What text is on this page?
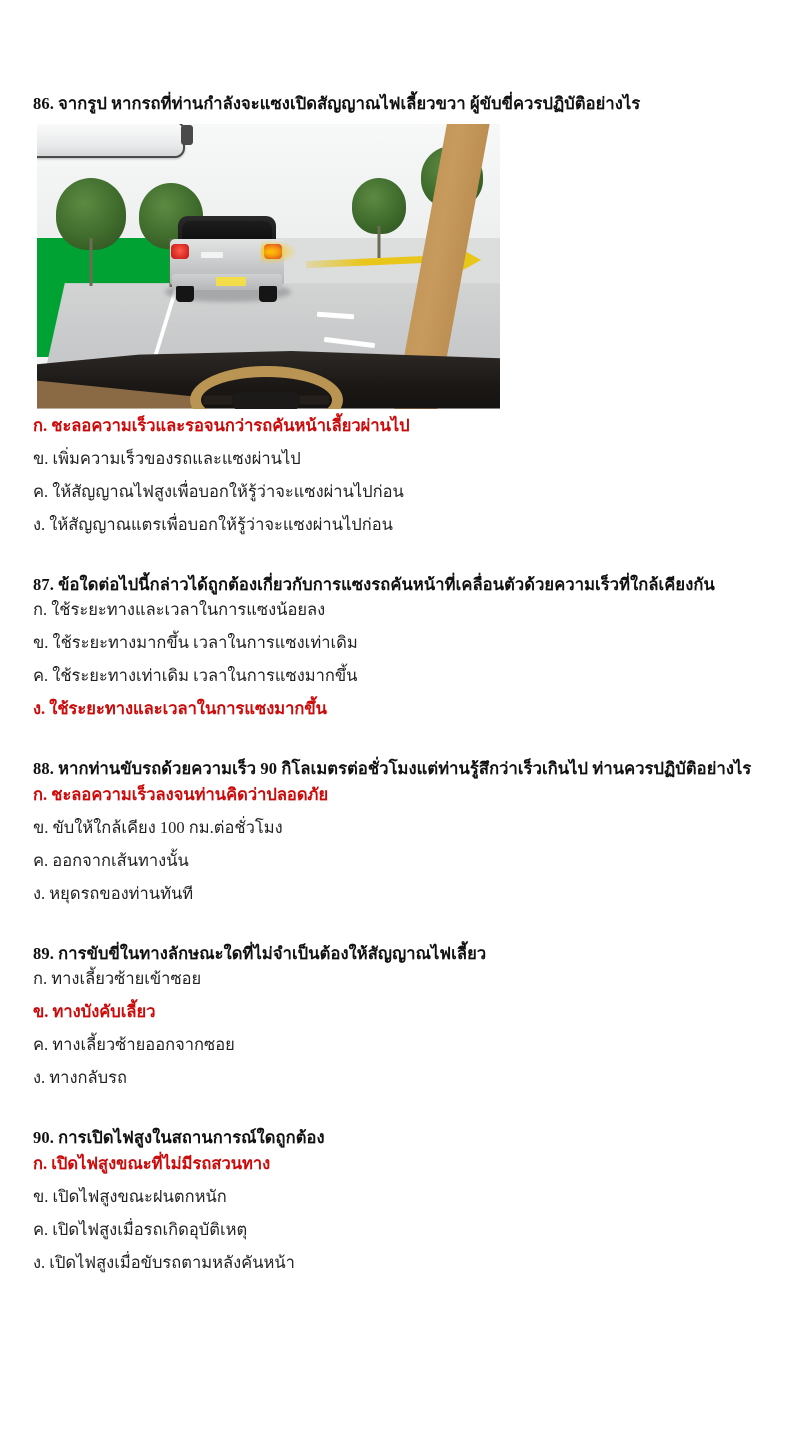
86. จากรูป หากรถที่ท่านกำลังจะแซงเปิดสัญญาณไฟเลี้ยวขวา ผู้ขับขี่ควรปฏิบัติอย่างไร
ก. ชะลอความเร็วและรอจนกว่ารถคันหน้าเลี้ยวผ่านไป
ข. เพิ่มความเร็วของรถและแซงผ่านไป
ค. ให้สัญญาณไฟสูงเพื่อบอกให้รู้ว่าจะแซงผ่านไปก่อน
ง. ให้สัญญาณแตรเพื่อบอกให้รู้ว่าจะแซงผ่านไปก่อน
87. ข้อใดต่อไปนี้กล่าวได้ถูกต้องเกี่ยวกับการแซงรถคันหน้าที่เคลื่อนตัวด้วยความเร็วที่ใกล้เคียงกัน
ก. ใช้ระยะทางและเวลาในการแซงน้อยลง
ข. ใช้ระยะทางมากขึ้น เวลาในการแซงเท่าเดิม
ค. ใช้ระยะทางเท่าเดิม เวลาในการแซงมากขึ้น
ง. ใช้ระยะทางและเวลาในการแซงมากขึ้น
88. หากท่านขับรถด้วยความเร็ว 90 กิโลเมตรต่อชั่วโมงแต่ท่านรู้สึกว่าเร็วเกินไป ท่านควรปฏิบัติอย่างไร
ก. ชะลอความเร็วลงจนท่านคิดว่าปลอดภัย
ข. ขับให้ใกล้เคียง 100 กม.ต่อชั่วโมง
ค. ออกจากเส้นทางนั้น
ง. หยุดรถของท่านทันที
89. การขับขี่ในทางลักษณะใดที่ไม่จำเป็นต้องให้สัญญาณไฟเลี้ยว
ก. ทางเลี้ยวซ้ายเข้าซอย
ข. ทางบังคับเลี้ยว
ค. ทางเลี้ยวซ้ายออกจากซอย
ง. ทางกลับรถ
90. การเปิดไฟสูงในสถานการณ์ใดถูกต้อง
ก. เปิดไฟสูงขณะที่ไม่มีรถสวนทาง
ข. เปิดไฟสูงขณะฝนตกหนัก
ค. เปิดไฟสูงเมื่อรถเกิดอุบัติเหตุ
ง. เปิดไฟสูงเมื่อขับรถตามหลังคันหน้า
